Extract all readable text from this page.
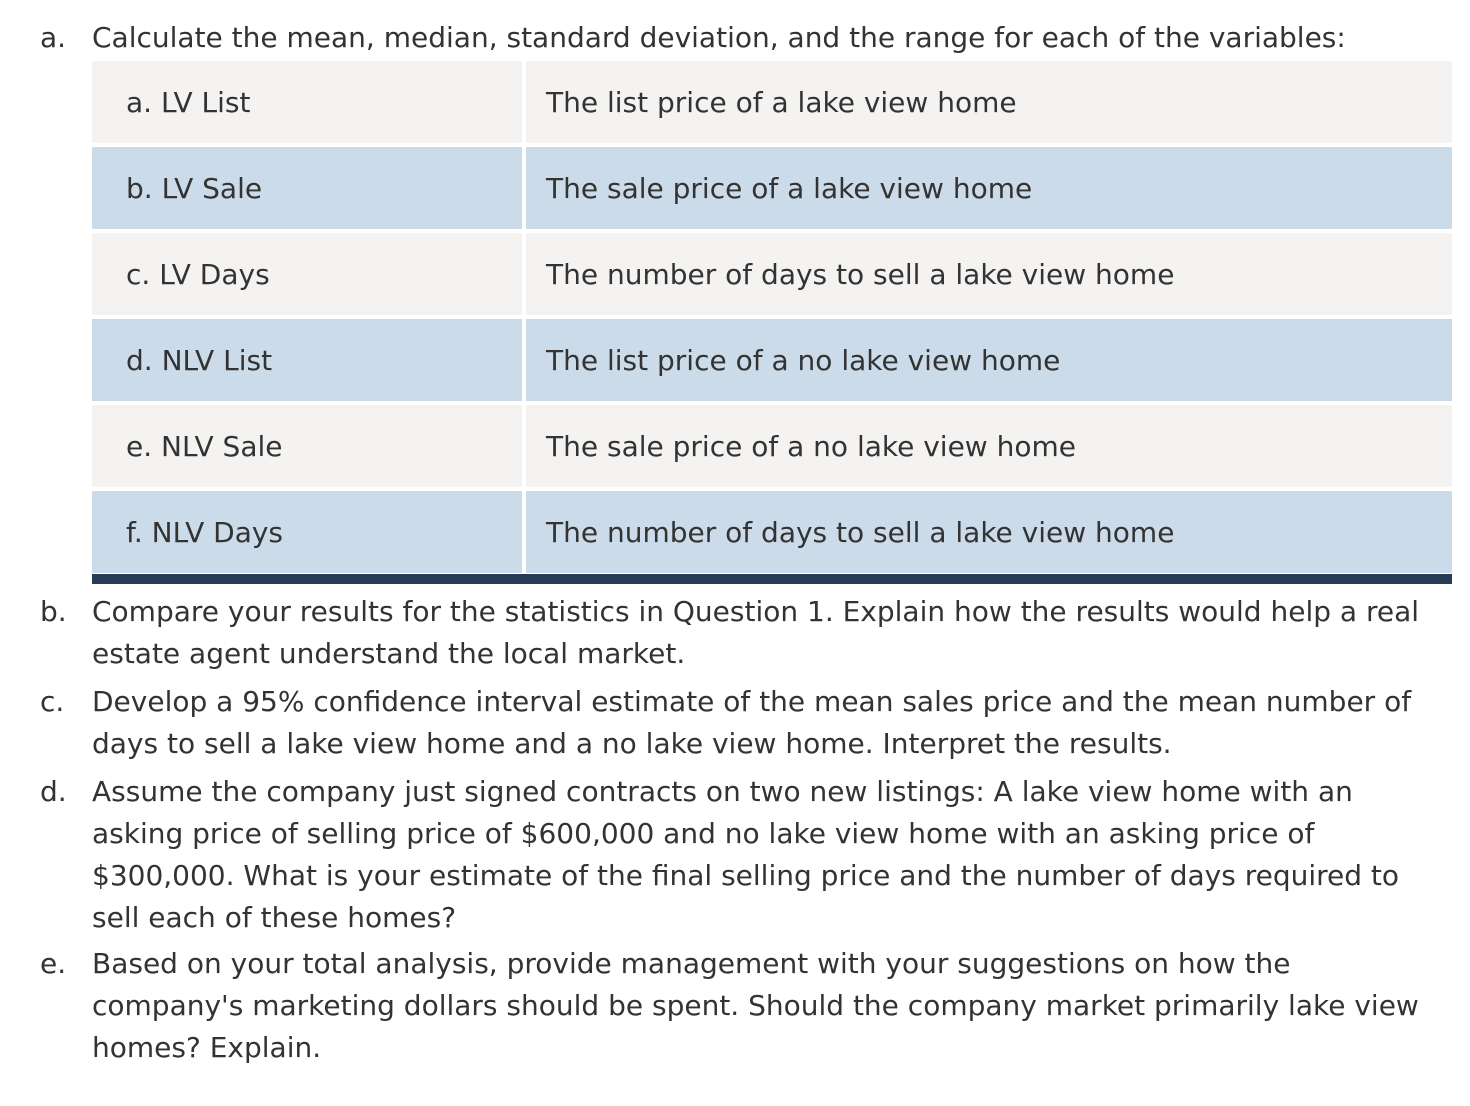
a. Calculate the mean, median, standard deviation, and the range for each of the variables:
a. LV List	The list price of a lake view home
b. LV Sale	The sale price of a lake view home
c. LV Days	The number of days to sell a lake view home
d. NLV List	The list price of a no lake view home
e. NLV Sale	The sale price of a no lake view home
f. NLV Days	The number of days to sell a lake view home
b. Compare your results for the statistics in Question 1. Explain how the results would help a real
estate agent understand the local market.
c. Develop a 95% confidence interval estimate of the mean sales price and the mean number of
days to sell a lake view home and a no lake view home. Interpret the results.
d. Assume the company just signed contracts on two new listings: A lake view home with an
asking price of selling price of $600,000 and no lake view home with an asking price of
$300,000. What is your estimate of the final selling price and the number of days required to
sell each of these homes?
e. Based on your total analysis, provide management with your suggestions on how the
company's marketing dollars should be spent. Should the company market primarily lake view
homes? Explain.
